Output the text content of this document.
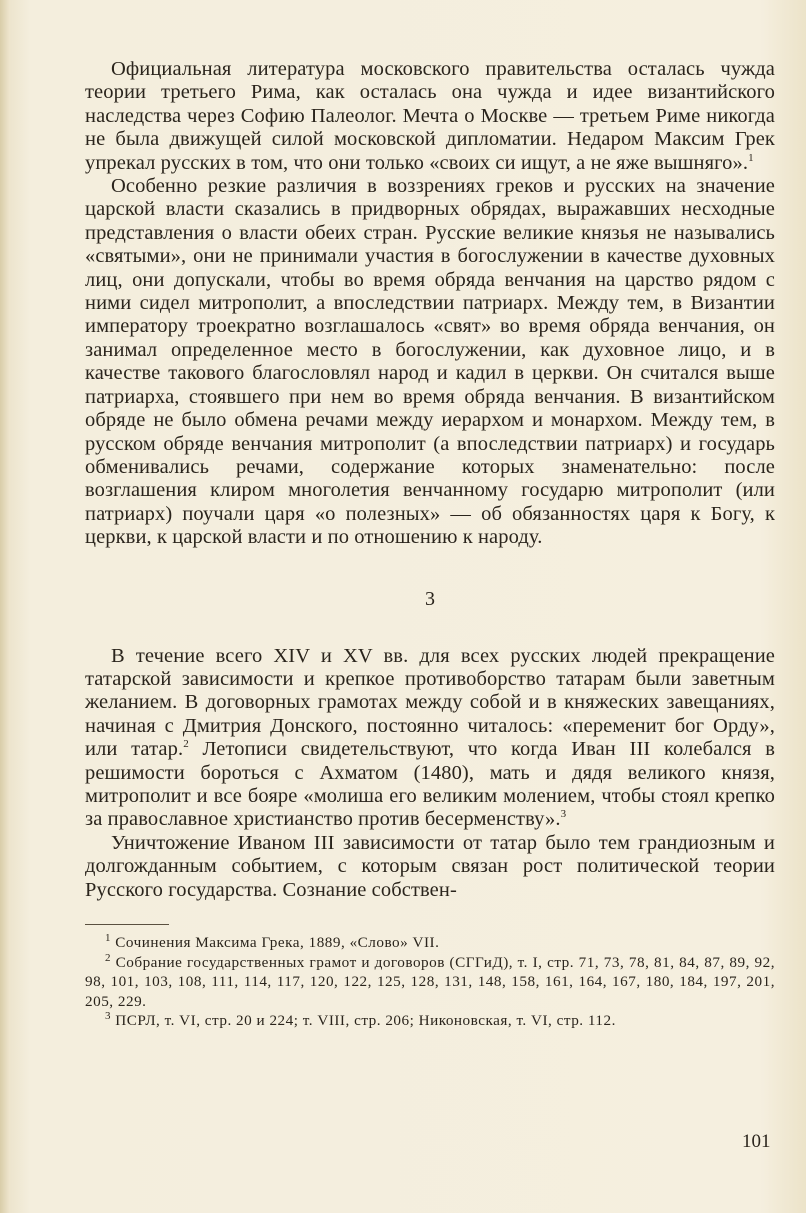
Официальная литература московского правительства осталась чужда теории третьего Рима, как осталась она чужда и идее византийского наследства через Софию Палеолог. Мечта о Москве — третьем Риме никогда не была движущей силой московской дипломатии. Недаром Максим Грек упрекал русских в том, что они только «своих си ищут, а не яже вышняго».$^1$

Особенно резкие различия в воззрениях греков и русских на значение царской власти сказались в придворных обрядах, выражавших несходные представления о власти обеих стран. Русские великие князья не назывались «святыми», они не принимали участия в богослужении в качестве духовных лиц, они допускали, чтобы во время обряда венчания на царство рядом с ними сидел митрополит, а впоследствии патриарх. Между тем, в Византии императору троекратно возглашалось «свят» во время обряда венчания, он занимал определенное место в богослужении, как духовное лицо, и в качестве такового благословлял народ и кадил в церкви. Он считался выше патриарха, стоявшего при нем во время обряда венчания. В византийском обряде не было обмена речами между иерархом и монархом. Между тем, в русском обряде венчания митрополит (а впоследствии патриарх) и государь обменивались речами, содержание которых знаменательно: после возглашения клиром многолетия венчанному государю митрополит (или патриарх) поучали царя «о полезных» — об обязанностях царя к Богу, к церкви, к царской власти и по отношению к народу.

3

В течение всего XIV и XV вв. для всех русских людей прекращение татарской зависимости и крепкое противоборство татарам были заветным желанием. В договорных грамотах между собой и в княжеских завещаниях, начиная с Дмитрия Донского, постоянно читалось: «переменит бог Орду», или татар.$^2$ Летописи свидетельствуют, что когда Иван III колебался в решимости бороться с Ахматом (1480), мать и дядя великого князя, митрополит и все бояре «молиша его великим молением, чтобы стоял крепко за православное христианство против бесерменству».$^3$

Уничтожение Иваном III зависимости от татар было тем грандиозным и долгожданным событием, с которым связан рост политической теории Русского государства. Сознание собствен-

$^1$ Сочинения Максима Грека, 1889, «Слово» VII.

$^2$ Собрание государственных грамот и договоров (СГГиД), т. I, стр. 71, 73, 78, 81, 84, 87, 89, 92, 98, 101, 103, 108, 111, 114, 117, 120, 122, 125, 128, 131, 148, 158, 161, 164, 167, 180, 184, 197, 201, 205, 229.

$^3$ ПСРЛ, т. VI, стр. 20 и 224; т. VIII, стр. 206; Никоновская, т. VI, стр. 112.

101
